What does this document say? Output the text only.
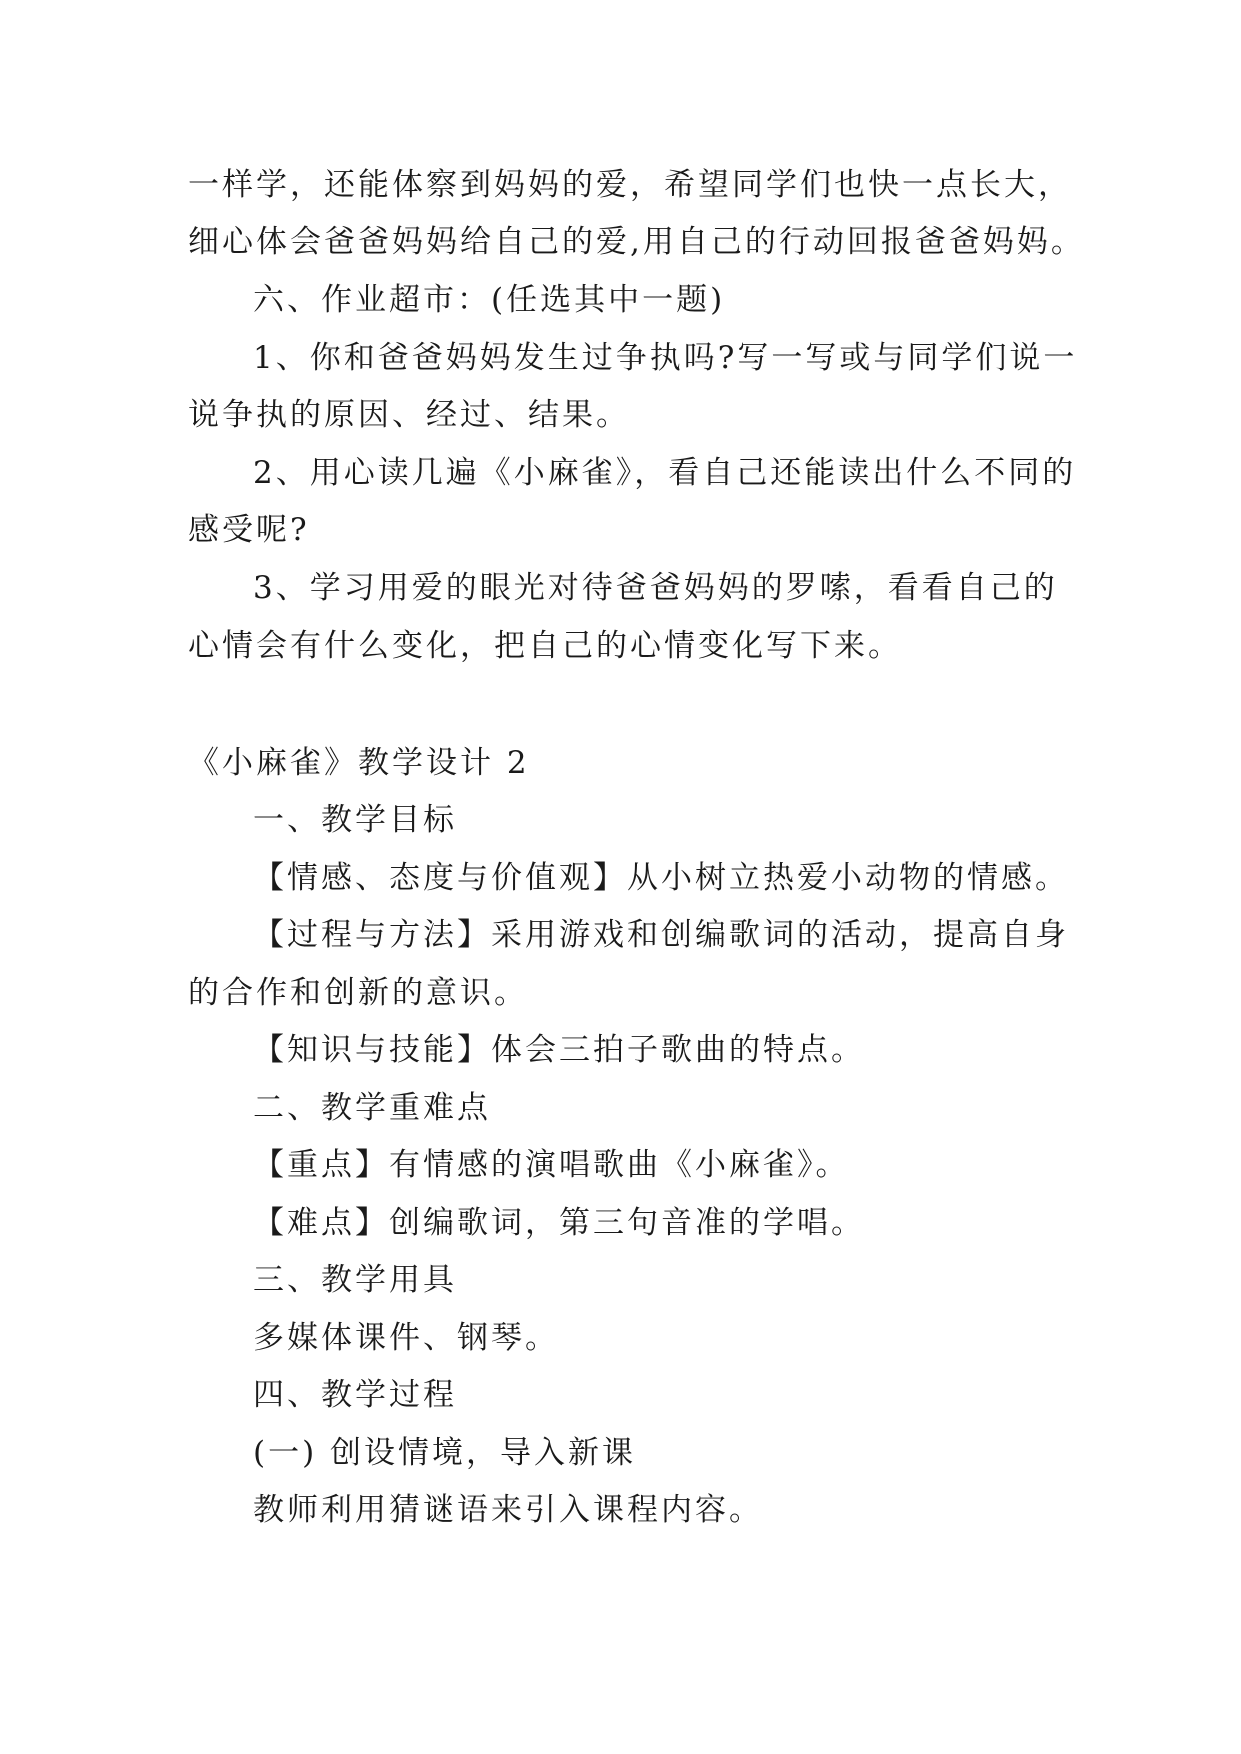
一样学，还能体察到妈妈的爱，希望同学们也快一点长大，
细心体会爸爸妈妈给自己的爱,用自己的行动回报爸爸妈妈。
六、作业超市：(任选其中一题)
1、你和爸爸妈妈发生过争执吗?写一写或与同学们说一
说争执的原因、经过、结果。
2、用心读几遍《小麻雀》，看自己还能读出什么不同的
感受呢?
3、学习用爱的眼光对待爸爸妈妈的罗嗦，看看自己的
心情会有什么变化，把自己的心情变化写下来。
《小麻雀》教学设计 2
一、教学目标
【情感、态度与价值观】从小树立热爱小动物的情感。
【过程与方法】采用游戏和创编歌词的活动，提高自身
的合作和创新的意识。
【知识与技能】体会三拍子歌曲的特点。
二、教学重难点
【重点】有情感的演唱歌曲《小麻雀》。
【难点】创编歌词，第三句音准的学唱。
三、教学用具
多媒体课件、钢琴。
四、教学过程
(一) 创设情境，导入新课
教师利用猜谜语来引入课程内容。
